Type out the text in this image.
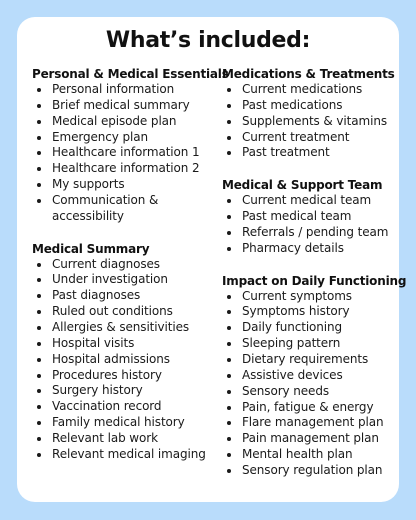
What’s included:
Personal & Medical Essentials
Personal information
Brief medical summary
Medical episode plan
Emergency plan
Healthcare information 1
Healthcare information 2
My supports
Communication & accessibility
Medical Summary
Current diagnoses
Under investigation
Past diagnoses
Ruled out conditions
Allergies & sensitivities
Hospital visits
Hospital admissions
Procedures history
Surgery history
Vaccination record
Family medical history
Relevant lab work
Relevant medical imaging
Medications & Treatments
Current medications
Past medications
Supplements & vitamins
Current treatment
Past treatment
Medical & Support Team
Current medical team
Past medical team
Referrals / pending team
Pharmacy details
Impact on Daily Functioning
Current symptoms
Symptoms history
Daily functioning
Sleeping pattern
Dietary requirements
Assistive devices
Sensory needs
Pain, fatigue & energy
Flare management plan
Pain management plan
Mental health plan
Sensory regulation plan
